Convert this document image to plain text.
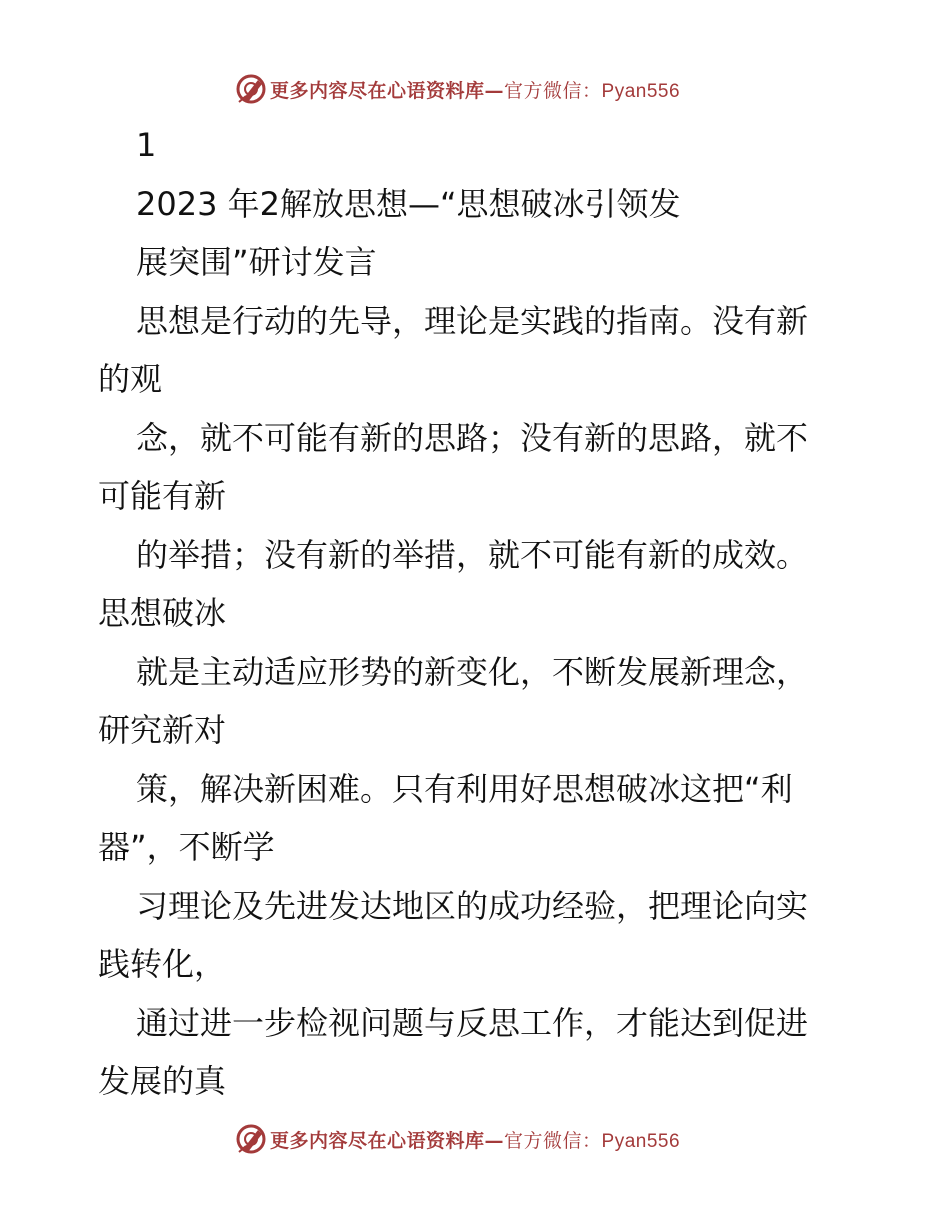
更多内容尽在心语资料库—官方微信：Pyan556
1
2023 年2解放思想—“思想破冰引领发
展突围”研讨发言
思想是行动的先导，理论是实践的指南。没有新
的观
念，就不可能有新的思路；没有新的思路，就不
可能有新
的举措；没有新的举措，就不可能有新的成效。
思想破冰
就是主动适应形势的新变化，不断发展新理念，
研究新对
策，解决新困难。只有利用好思想破冰这把“利
器”，不断学
习理论及先进发达地区的成功经验，把理论向实
践转化，
通过进一步检视问题与反思工作，才能达到促进
发展的真
更多内容尽在心语资料库—官方微信：Pyan556
